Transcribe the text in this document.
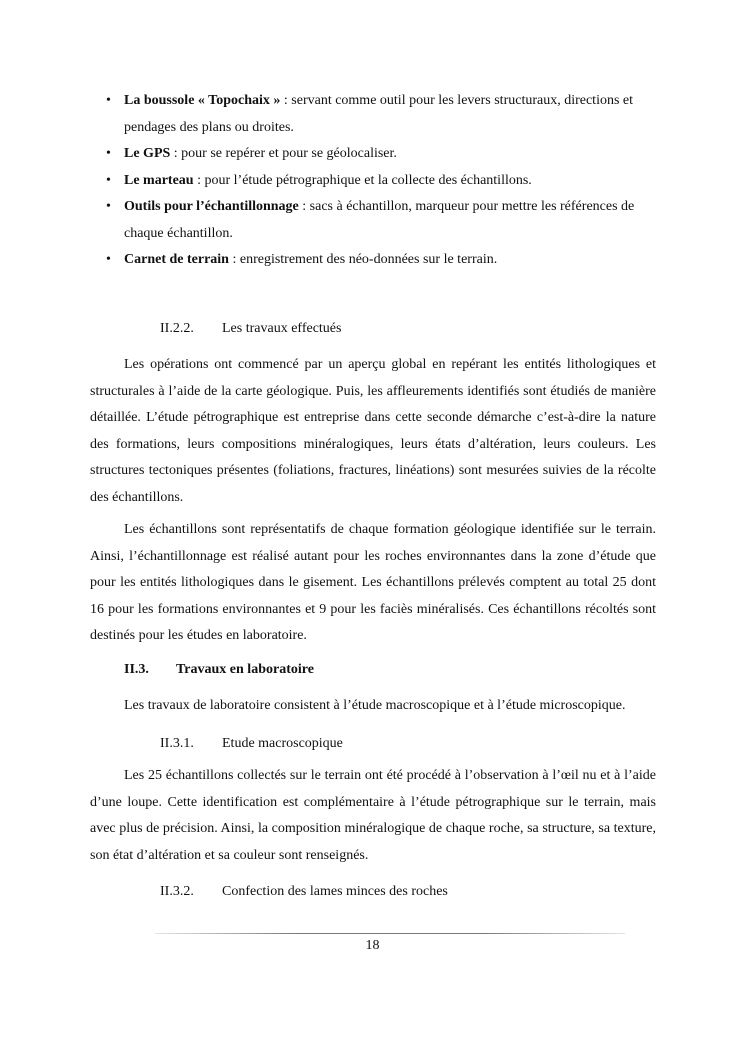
• La boussole « Topochaix » : servant comme outil pour les levers structuraux, directions et pendages des plans ou droites.
• Le GPS : pour se repérer et pour se géolocaliser.
• Le marteau : pour l’étude pétrographique et la collecte des échantillons.
• Outils pour l’échantillonnage : sacs à échantillon, marqueur pour mettre les références de chaque échantillon.
• Carnet de terrain : enregistrement des néo-données sur le terrain.
II.2.2. Les travaux effectués

Les opérations ont commencé par un aperçu global en repérant les entités lithologiques et structurales à l’aide de la carte géologique. Puis, les affleurements identifiés sont étudiés de manière détaillée. L’étude pétrographique est entreprise dans cette seconde démarche c’est-à-dire la nature des formations, leurs compositions minéralogiques, leurs états d’altération, leurs couleurs. Les structures tectoniques présentes (foliations, fractures, linéations) sont mesurées suivies de la récolte des échantillons.

Les échantillons sont représentatifs de chaque formation géologique identifiée sur le terrain. Ainsi, l’échantillonnage est réalisé autant pour les roches environnantes dans la zone d’étude que pour les entités lithologiques dans le gisement. Les échantillons prélevés comptent au total 25 dont 16 pour les formations environnantes et 9 pour les faciès minéralisés. Ces échantillons récoltés sont destinés pour les études en laboratoire.

II.3. Travaux en laboratoire

Les travaux de laboratoire consistent à l’étude macroscopique et à l’étude microscopique.

II.3.1. Etude macroscopique

Les 25 échantillons collectés sur le terrain ont été procédé à l’observation à l’œil nu et à l’aide d’une loupe. Cette identification est complémentaire à l’étude pétrographique sur le terrain, mais avec plus de précision. Ainsi, la composition minéralogique de chaque roche, sa structure, sa texture, son état d’altération et sa couleur sont renseignés.

II.3.2. Confection des lames minces des roches
18
